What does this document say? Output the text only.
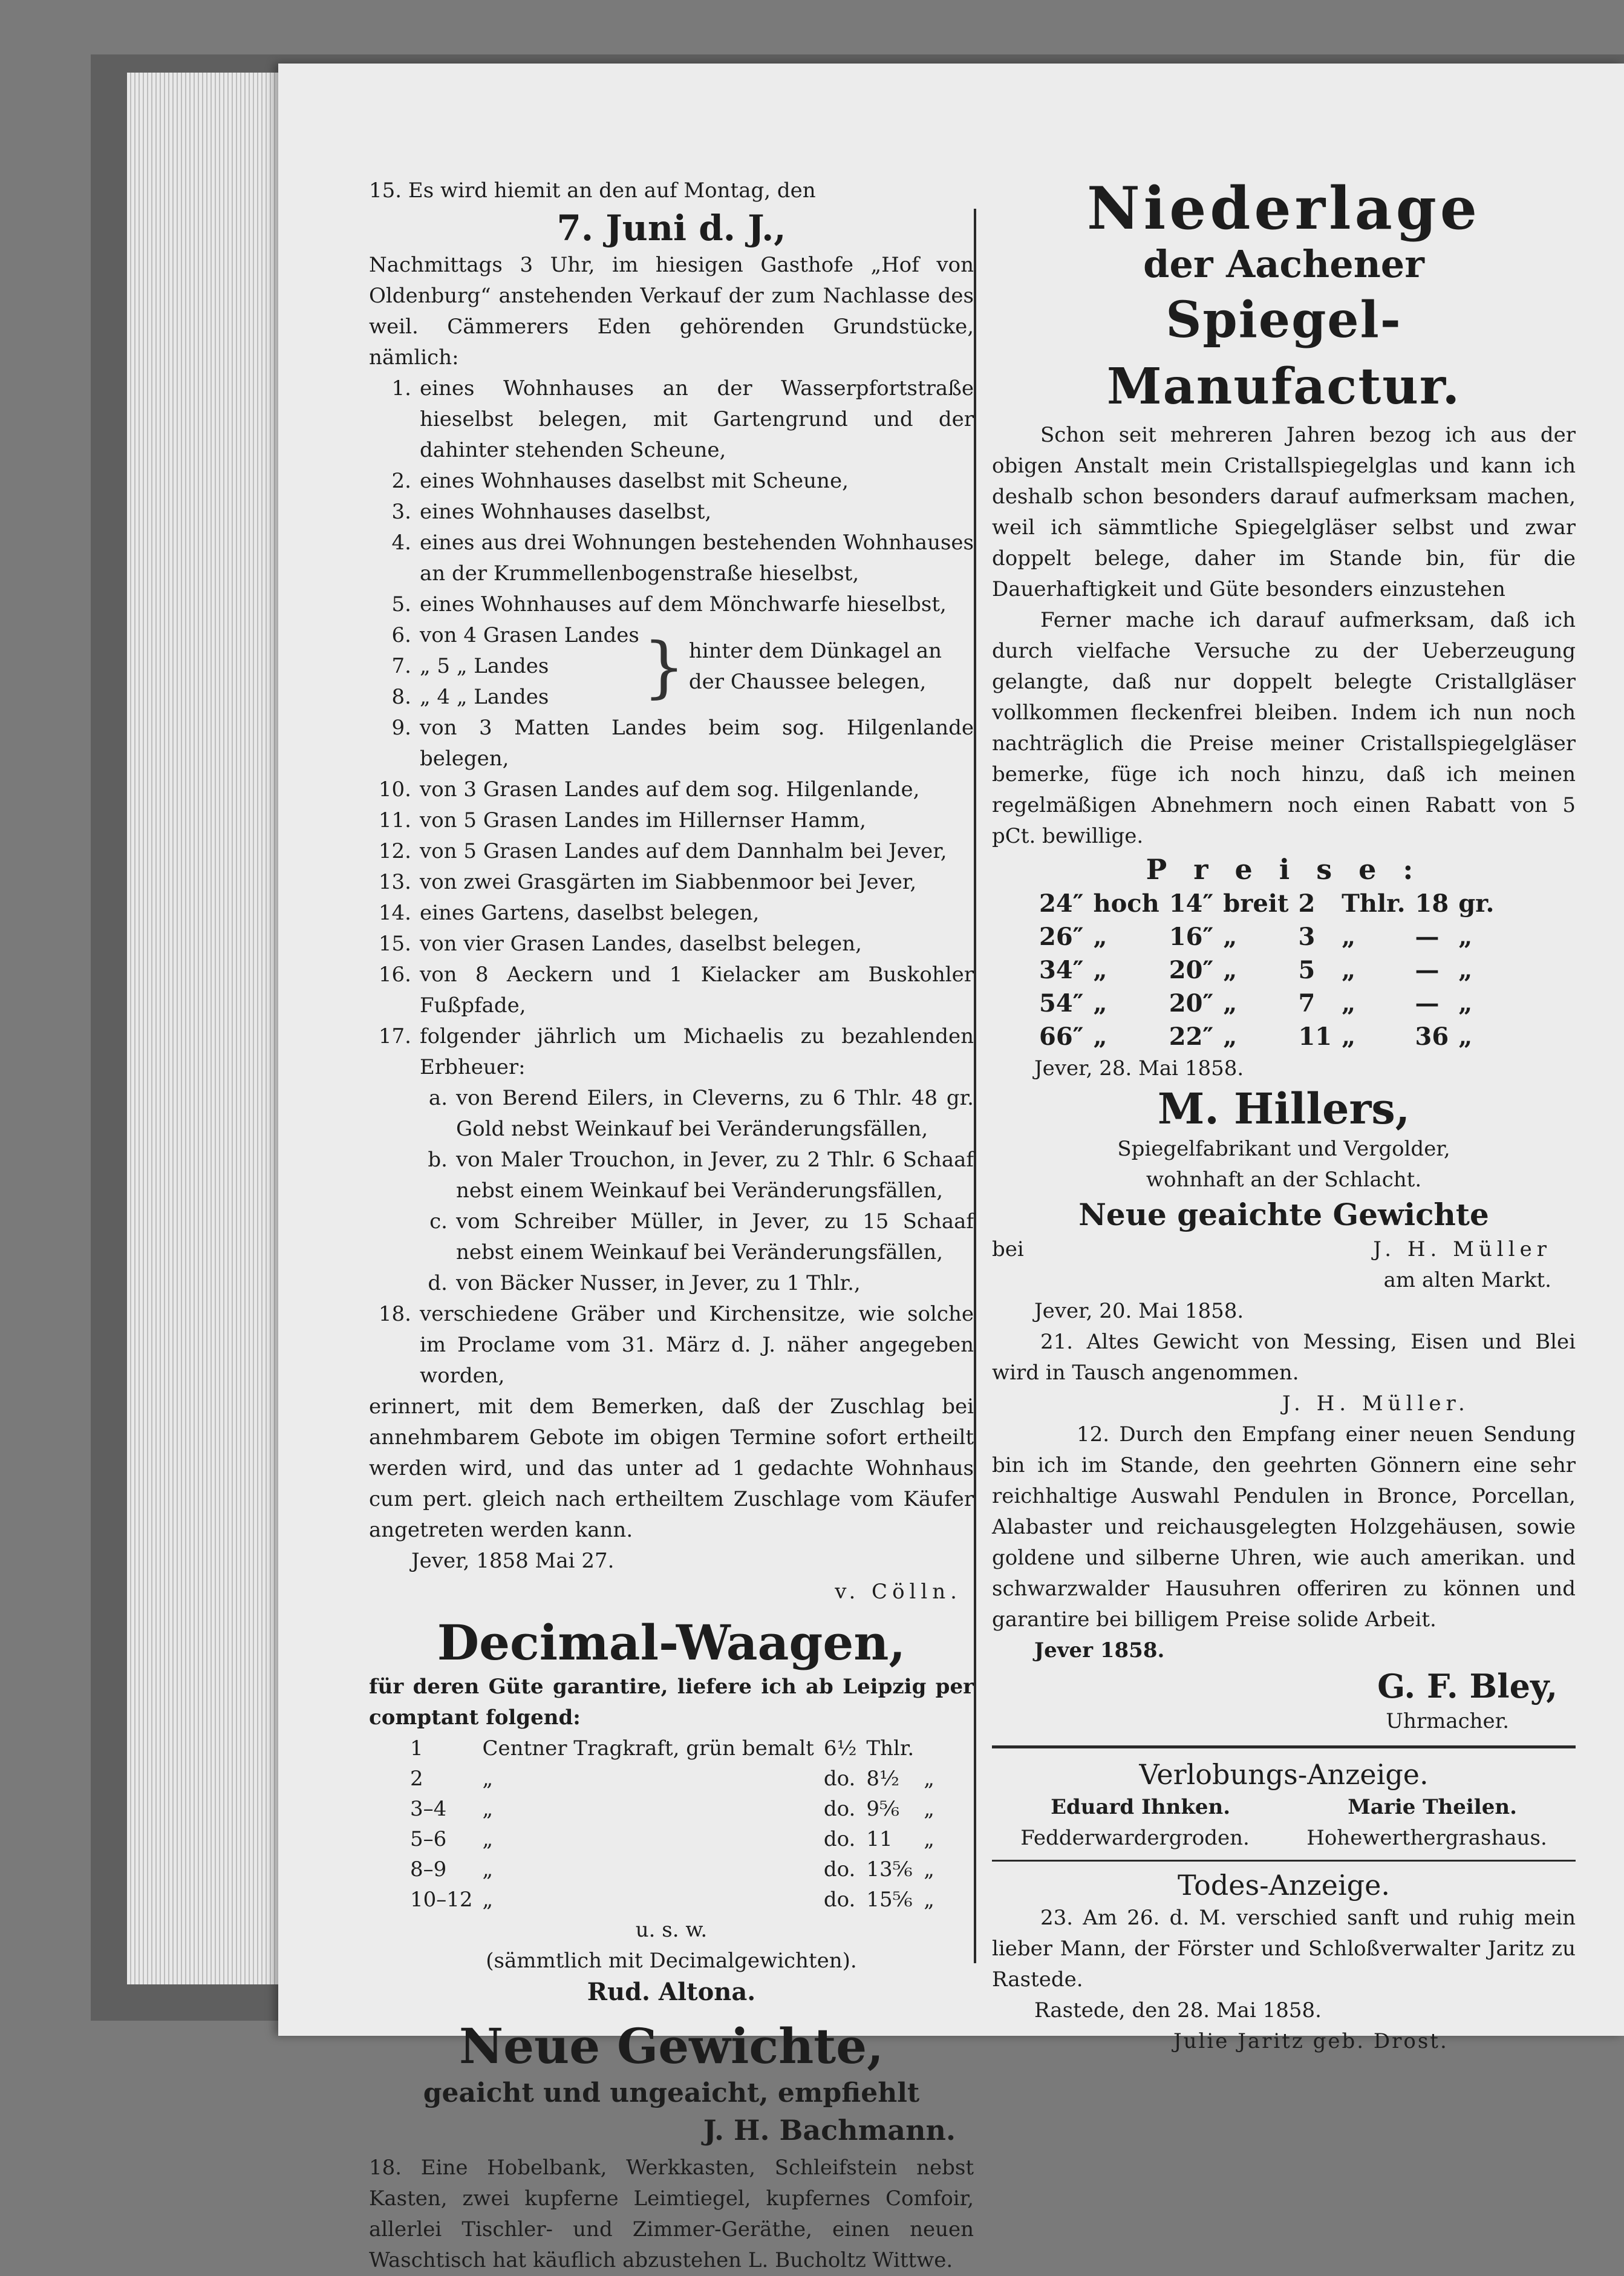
15. Es wird hiemit an den auf Montag, den

7. Juni d. J.,

Nachmittags 3 Uhr, im hiesigen Gasthofe „Hof von Oldenburg“ anstehenden Verkauf der zum Nachlasse des weil. Cämmerers Eden gehörenden Grundstücke, nämlich:

1. eines Wohnhauses an der Wasserpfortstraße hieselbst belegen, mit Gartengrund und der dahinter stehenden Scheune,
2. eines Wohnhauses daselbst mit Scheune,
3. eines Wohnhauses daselbst,
4. eines aus drei Wohnungen bestehenden Wohnhauses an der Krummellenbogenstraße hieselbst,
5. eines Wohnhauses auf dem Mönchwarfe hieselbst,
6. von 4 Grasen Landes
7. „ 5 „ Landes
8. „ 4 „ Landes	} hinter dem Dünkagel an der Chaussee belegen,
9. von 3 Matten Landes beim sog. Hilgenlande belegen,
10. von 3 Grasen Landes auf dem sog. Hilgenlande,
11. von 5 Grasen Landes im Hillernser Hamm,
12. von 5 Grasen Landes auf dem Dannhalm bei Jever,
13. von zwei Grasgärten im Siabbenmoor bei Jever,
14. eines Gartens, daselbst belegen,
15. von vier Grasen Landes, daselbst belegen,
16. von 8 Aeckern und 1 Kielacker am Buskohler Fußpfade,
17. folgender jährlich um Michaelis zu bezahlenden Erbheuer:
a. von Berend Eilers, in Cleverns, zu 6 Thlr. 48 gr. Gold nebst Weinkauf bei Veränderungsfällen,
b. von Maler Trouchon, in Jever, zu 2 Thlr. 6 Schaaf nebst einem Weinkauf bei Veränderungsfällen,
c. vom Schreiber Müller, in Jever, zu 15 Schaaf nebst einem Weinkauf bei Veränderungsfällen,
d. von Bäcker Nusser, in Jever, zu 1 Thlr.,
18. verschiedene Gräber und Kirchensitze, wie solche im Proclame vom 31. März d. J. näher angegeben worden,

erinnert, mit dem Bemerken, daß der Zuschlag bei annehmbarem Gebote im obigen Termine sofort ertheilt werden wird, und das unter ad 1 gedachte Wohnhaus cum pert. gleich nach ertheiltem Zuschlage vom Käufer angetreten werden kann.

Jever, 1858 Mai 27.

v. Cölln.

Decimal-Waagen,

für deren Güte garantire, liefere ich ab Leipzig per comptant folgend:

1	Centner Tragkraft, grün bemalt	6½	Thlr.	
2	„	do.	8½	„
3–4	„	do.	9⅚	„
5–6	„	do.	11	„
8–9	„	do.	13⅚	„
10–12	„	do.	15⅚	„

u. s. w.

(sämmtlich mit Decimalgewichten).

Rud. Altona.

Neue Gewichte,

geaicht und ungeaicht, empfiehlt

J. H. Bachmann.

18. Eine Hobelbank, Werkkasten, Schleifstein nebst Kasten, zwei kupferne Leimtiegel, kupfernes Comfoir, allerlei Tischler- und Zimmer-Geräthe, einen neuen Waschtisch hat käuflich abzustehen L. Bucholtz Wittwe.

Niederlage

der Aachener

Spiegel-Manufactur.

Schon seit mehreren Jahren bezog ich aus der obigen Anstalt mein Cristallspiegelglas und kann ich deshalb schon besonders darauf aufmerksam machen, weil ich sämmtliche Spiegelgläser selbst und zwar doppelt belege, daher im Stande bin, für die Dauerhaftigkeit und Güte besonders einzustehen

Ferner mache ich darauf aufmerksam, daß ich durch vielfache Versuche zu der Ueberzeugung gelangte, daß nur doppelt belegte Cristallgläser vollkommen fleckenfrei bleiben. Indem ich nun noch nachträglich die Preise meiner Cristallspiegelgläser bemerke, füge ich noch hinzu, daß ich meinen regelmäßigen Abnehmern noch einen Rabatt von 5 pCt. bewillige.

P r e i s e :

24″	hoch	14″	breit	2	Thlr.	18	gr.
26″	„	16″	„	3	„	—	„
34″	„	20″	„	5	„	—	„
54″	„	20″	„	7	„	—	„
66″	„	22″	„	11	„	36	„

Jever, 28. Mai 1858.

M. Hillers,

Spiegelfabrikant und Vergolder,

wohnhaft an der Schlacht.

Neue geaichte Gewichte

bei	J. H. Müller

am alten Markt.

Jever, 20. Mai 1858.

21. Altes Gewicht von Messing, Eisen und Blei wird in Tausch angenommen.

J. H. Müller.

12. Durch den Empfang einer neuen Sendung bin ich im Stande, den geehrten Gönnern eine sehr reichhaltige Auswahl Pendulen in Bronce, Porcellan, Alabaster und reichausgelegten Holzgehäusen, sowie goldene und silberne Uhren, wie auch amerikan. und schwarzwalder Hausuhren offeriren zu können und garantire bei billigem Preise solide Arbeit.

Jever 1858.

G. F. Bley,

Uhrmacher.

Verlobungs-Anzeige.

Eduard Ihnken.	Marie Theilen.
Fedderwardergroden.	Hohewerthergrashaus.

Todes-Anzeige.

23. Am 26. d. M. verschied sanft und ruhig mein lieber Mann, der Förster und Schloßverwalter Jaritz zu Rastede.

Rastede, den 28. Mai 1858.

Julie Jaritz geb. Drost.
